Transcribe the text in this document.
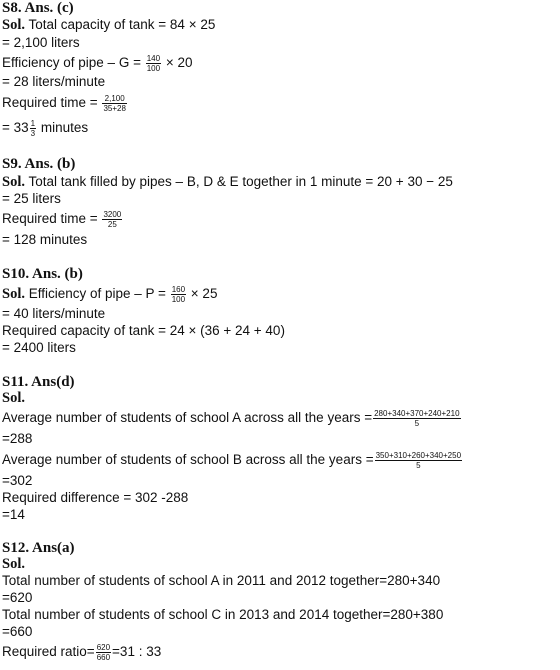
S8. Ans. (c)
Sol. Total capacity of tank = 84 × 25
= 2,100 liters
Efficiency of pipe – $G = \frac{140}{100} \times 20$
= 28 liters/minute
Required time = $\frac{2,100}{35+28}$
= $33 \frac{1}{3}$ minutes
S9. Ans. (b)
Sol. Total tank filled by pipes – B, D & E together in 1 minute = 20 + 30 − 25
= 25 liters
Required time = $\frac{3200}{25}$
= 128 minutes
S10. Ans. (b)
Sol. Efficiency of pipe – $P = \frac{160}{100} \times 25$
= 40 liters/minute
Required capacity of tank = 24 × (36 + 24 + 40)
= 2400 liters
S11. Ans(d)
Sol.
Average number of students of school A across all the years = $\frac{280+340+370+240+210}{5}$
=288
Average number of students of school B across all the years = $\frac{350+310+260+340+250}{5}$
=302
Required difference = 302 -288
=14
S12. Ans(a)
Sol.
Total number of students of school A in 2011 and 2012 together=280+340
=620
Total number of students of school C in 2013 and 2014 together=280+380
=660
Required ratio= $\frac{620}{660} =31$ : 33
